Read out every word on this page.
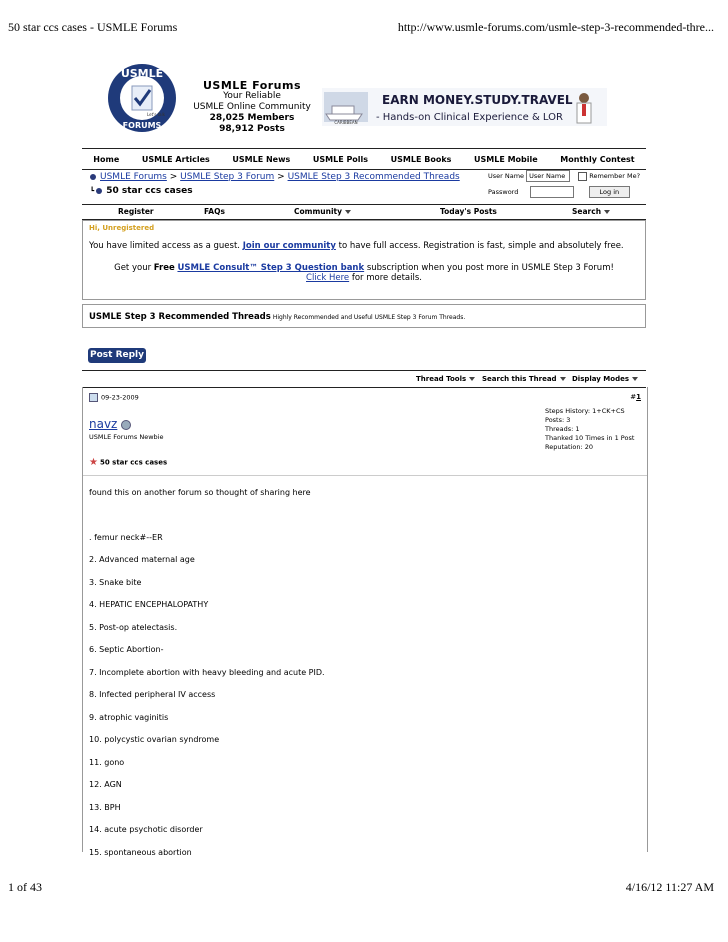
50 star ccs cases - USMLE Forums	http://www.usmle-forums.com/usmle-step-3-recommended-thre...
USMLE
FORUMS
Let's talk
USMLE Forums
Your Reliable
USMLE Online Community
28,025 Members
98,912 Posts
CARIBBEAN
EARN MONEY.STUDY.TRAVEL
- Hands-on Clinical Experience & LOR
Home	USMLE Articles	USMLE News	USMLE Polls	USMLE Books	USMLE Mobile	Monthly Contest
USMLE Forums > USMLE Step 3 Forum > USMLE Step 3 Recommended Threads
┗ 50 star ccs cases
User Name User Name	Remember Me?
Password	Log in
Register	FAQs	Community	Today's Posts	Search
Hi, Unregistered
You have limited access as a guest. Join our community to have full access. Registration is fast, simple and absolutely free.
Get your Free USMLE Consult™ Step 3 Question bank subscription when you post more in USMLE Step 3 Forum!
Click Here for more details.
USMLE Step 3 Recommended Threads Highly Recommended and Useful USMLE Step 3 Forum Threads.
Post Reply
Thread Tools	Search this Thread	Display Modes
09-23-2009	#1
navz
USMLE Forums Newbie
Steps History: 1+CK+CS
Posts: 3
Threads: 1
Thanked 10 Times in 1 Post
Reputation: 20
★ 50 star ccs cases
found this on another forum so thought of sharing here
. femur neck#--ER
2. Advanced maternal age
3. Snake bite
4. HEPATIC ENCEPHALOPATHY
5. Post-op atelectasis.
6. Septic Abortion-
7. Incomplete abortion with heavy bleeding and acute PID.
8. Infected peripheral IV access
9. atrophic vaginitis
10. polycystic ovarian syndrome
11. gono
12. AGN
13. BPH
14. acute psychotic disorder
15. spontaneous abortion
1 of 43	4/16/12 11:27 AM
